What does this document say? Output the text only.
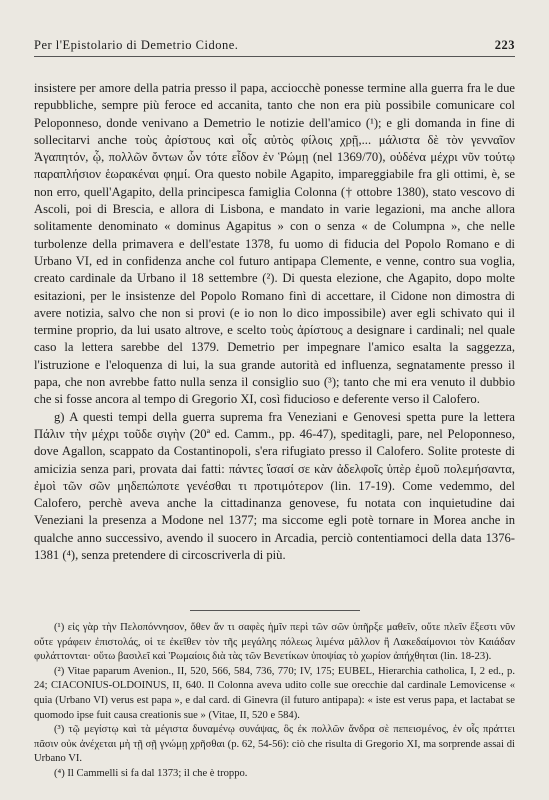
Per l'Epistolario di Demetrio Cidone.	223

insistere per amore della patria presso il papa, acciocchè ponesse termine alla guerra fra le due repubbliche, sempre più feroce ed accanita, tanto che non era più possibile comunicare col Peloponneso, donde venivano a Demetrio le notizie dell'amico (¹); e gli domanda in fine di sollecitarvi anche τοὺς ἀρίστους καὶ οἷς αὐτὸς φίλοις χρῇ,... μάλιστα δὲ τὸν γενναῖον Ἀγαπητόν, ᾧ, πολλῶν ὄντων ὧν τότε εἶδον ἐν Ῥώμῃ (nel 1369/70), οὐδένα μέχρι νῦν τούτῳ παραπλήσιον ἑωρακέναι φημί. Ora questo nobile Agapito, impareggiabile fra gli ottimi, è, se non erro, quell'Agapito, della principesca famiglia Colonna († ottobre 1380), stato vescovo di Ascoli, poi di Brescia, e allora di Lisbona, e mandato in varie legazioni, ma anche allora solitamente denominato « dominus Agapitus » con o senza « de Columpna », che nelle turbolenze della primavera e dell'estate 1378, fu uomo di fiducia del Popolo Romano e di Urbano VI, ed in confidenza anche col futuro antipapa Clemente, e venne, contro sua voglia, creato cardinale da Urbano il 18 settembre (²). Di questa elezione, che Agapito, dopo molte esitazioni, per le insistenze del Popolo Romano finì di accettare, il Cidone non dimostra di avere notizia, salvo che non si provi (e io non lo dico impossibile) aver egli schivato qui il termine proprio, da lui usato altrove, e scelto τοὺς ἀρίστους a designare i cardinali; nel quale caso la lettera sarebbe del 1379. Demetrio per impegnare l'amico esalta la saggezza, l'istruzione e l'eloquenza di lui, la sua grande autorità ed influenza, segnatamente presso il papa, che non avrebbe fatto nulla senza il consiglio suo (³); tanto che mi era venuto il dubbio che si fosse ancora al tempo di Gregorio XI, così fiducioso e deferente verso il Calofero.

g) A questi tempi della guerra suprema fra Veneziani e Genovesi spetta pure la lettera Πάλιν τὴν μέχρι τοῦδε σιγὴν (20ª ed. Camm., pp. 46-47), speditagli, pare, nel Peloponneso, dove Agallon, scappato da Costantinopoli, s'era rifugiato presso il Calofero. Solite proteste di amicizia senza pari, provata dai fatti: πάντες ἴσασί σε κὰν ἀδελφοῖς ὑπὲρ ἐμοῦ πολεμήσαντα, ἐμοὶ τῶν σῶν μηδεπώποτε γενέσθαι τι προτιμότερον (lin. 17-19). Come vedemmo, del Calofero, perchè aveva anche la cittadinanza genovese, fu notata con inquietudine dai Veneziani la presenza a Modone nel 1377; ma siccome egli potè tornare in Morea anche in qualche anno successivo, avendo il suocero in Arcadia, perciò contentiamoci della data 1376-1381 (⁴), senza pretendere di circoscriverla di più.

(¹) εἰς γὰρ τὴν Πελοπόννησον, ὅθεν ἄν τι σαφὲς ἡμῖν περὶ τῶν σῶν ὑπῆρξε μαθεῖν, οὔτε πλεῖν ἔξεστι νῦν οὔτε γράφειν ἐπιστολάς, οἱ τε ἐκεῖθεν τὸν τῆς μεγάλης πόλεως λιμένα μᾶλλον ἢ Λακεδαίμονιοι τὸν Καιάδαν φυλάττονται· οὕτω βασιλεῖ καὶ Ῥωμαίοις διὰ τὰς τῶν Βενετίκων ὑποψίας τὸ χωρίον ἀπήχθηται (lin. 18-23).

(²) Vitae paparum Avenion., II, 520, 566, 584, 736, 770; IV, 175; EUBEL, Hierarchia catholica, I, 2 ed., p. 24; CIACONIUS-OLDOINUS, II, 640. Il Colonna aveva udito colle sue orecchie dal cardinale Lemovicense « quia (Urbano VI) verus est papa », e dal card. di Ginevra (il futuro antipapa): « iste est verus papa, et lactabat se quomodo ipse fuit causa creationis sue » (Vitae, II, 520 e 584).

(³) τῷ μεγίστῳ καὶ τὰ μέγιστα δυναμένῳ συνάψας, ὃς ἐκ πολλῶν ἄνδρα σὲ πεπεισμένος, ἐν οἷς πράττει πᾶσιν οὐκ ἀνέχεται μὴ τῇ σῇ γνώμῃ χρῆσθαι (p. 62, 54-56): ciò che risulta di Gregorio XI, ma sorprende assai di Urbano VI.

(⁴) Il Cammelli si fa dal 1373; il che è troppo.
